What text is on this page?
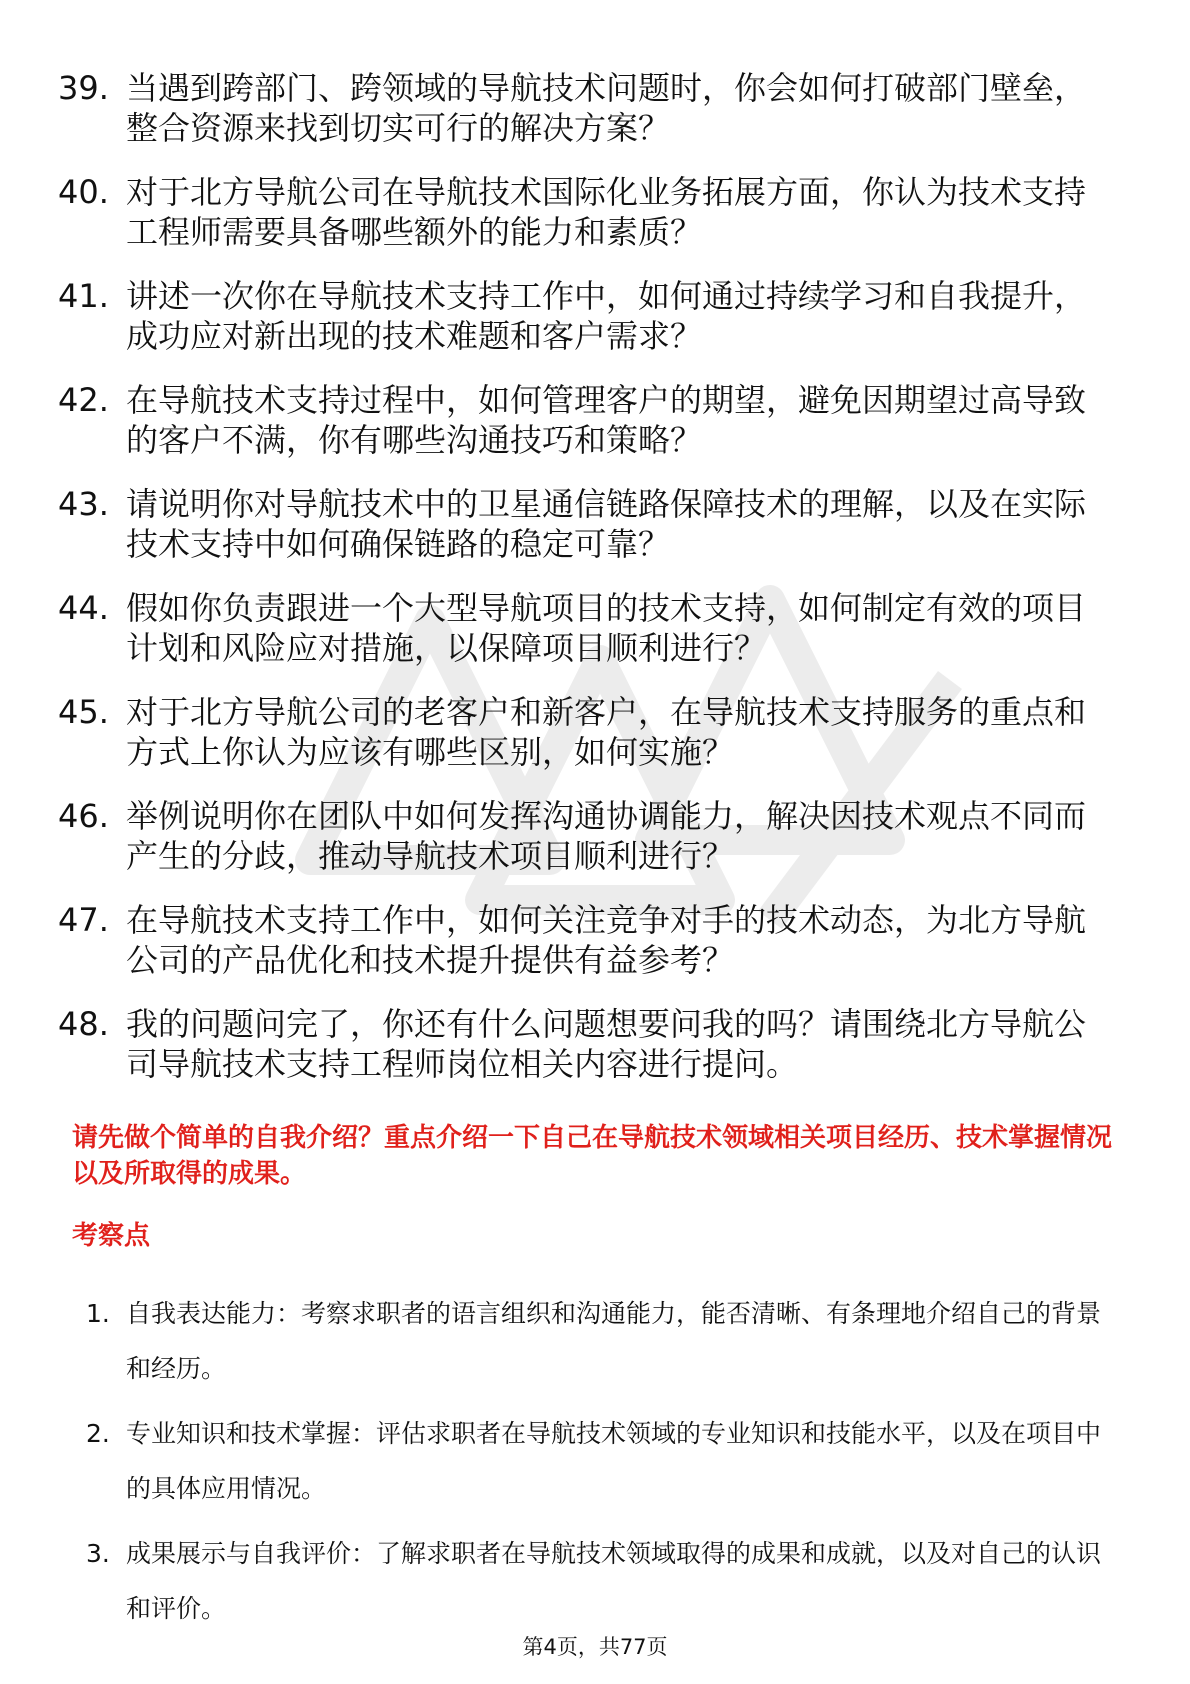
39. 当遇到跨部门、跨领域的导航技术问题时，你会如何打破部门壁垒，整合资源来找到切实可行的解决方案？
40. 对于北方导航公司在导航技术国际化业务拓展方面，你认为技术支持工程师需要具备哪些额外的能力和素质？
41. 讲述一次你在导航技术支持工作中，如何通过持续学习和自我提升，成功应对新出现的技术难题和客户需求？
42. 在导航技术支持过程中，如何管理客户的期望，避免因期望过高导致的客户不满，你有哪些沟通技巧和策略？
43. 请说明你对导航技术中的卫星通信链路保障技术的理解，以及在实际技术支持中如何确保链路的稳定可靠？
44. 假如你负责跟进一个大型导航项目的技术支持，如何制定有效的项目计划和风险应对措施，以保障项目顺利进行？
45. 对于北方导航公司的老客户和新客户，在导航技术支持服务的重点和方式上你认为应该有哪些区别，如何实施？
46. 举例说明你在团队中如何发挥沟通协调能力，解决因技术观点不同而产生的分歧，推动导航技术项目顺利进行？
47. 在导航技术支持工作中，如何关注竞争对手的技术动态，为北方导航公司的产品优化和技术提升提供有益参考？
48. 我的问题问完了，你还有什么问题想要问我的吗？请围绕北方导航公司导航技术支持工程师岗位相关内容进行提问。
请先做个简单的自我介绍？重点介绍一下自己在导航技术领域相关项目经历、技术掌握情况以及所取得的成果。
考察点
1. 自我表达能力：考察求职者的语言组织和沟通能力，能否清晰、有条理地介绍自己的背景和经历。
2. 专业知识和技术掌握：评估求职者在导航技术领域的专业知识和技能水平，以及在项目中的具体应用情况。
3. 成果展示与自我评价：了解求职者在导航技术领域取得的成果和成就，以及对自己的认识和评价。
第4页，共77页
